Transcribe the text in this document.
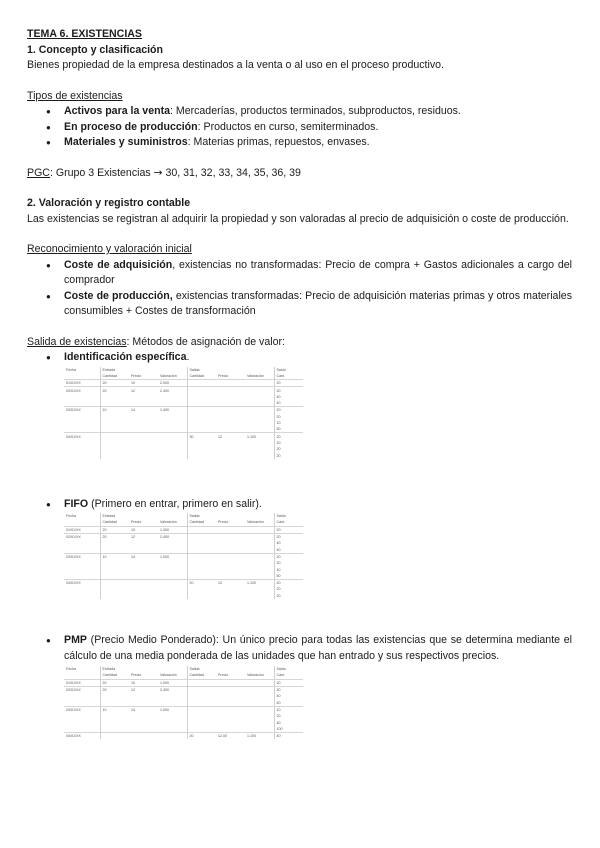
TEMA 6. EXISTENCIAS
1. Concepto y clasificación
Bienes propiedad de la empresa destinados a la venta o al uso en el proceso productivo.
Tipos de existencias
● Activos para la venta: Mercaderías, productos terminados, subproductos, residuos.
● En proceso de producción: Productos en curso, semiterminados.
● Materiales y suministros: Materias primas, repuestos, envases.
PGC: Grupo 3 Existencias → 30, 31, 32, 33, 34, 35, 36, 39
2. Valoración y registro contable
Las existencias se registran al adquirir la propiedad y son valoradas al precio de adquisición o coste de producción.
Reconocimiento y valoración inicial
● Coste de adquisición, existencias no transformadas: Precio de compra + Gastos adicionales a cargo del comprador
● Coste de producción, existencias transformadas: Precio de adquisición materias primas y otros materiales consumibles + Costes de transformación
Salida de existencias: Métodos de asignación de valor:
● Identificación específica.
Fecha	Entrada			Salida			Saldo
	Cantidad	Precio	Valoración	Cantidad	Precio	Valoración	Cant.
01/01/XX	20	10	2.000				20
02/01/XX	20	12	2.400				20
							40
							40
03/01/XX	10	14	1.400				20
							20
							10
							50
04/01/XX				30	12	1.100	20
							20
							20
							20
● FIFO (Primero en entrar, primero en salir).
Fecha	Entrada			Salida			Saldo
	Cantidad	Precio	Valoración	Cantidad	Precio	Valoración	Cant.
01/01/XX	20	10	1.000				20
02/01/XX	20	12	2.400				20
							40
							40
03/01/XX	10	14	1.000				20
							20
							10
							50
04/01/XX				20	12	1.100	20
							20
							20
● PMP (Precio Medio Ponderado): Un único precio para todas las existencias que se determina mediante el cálculo de una media ponderada de las unidades que han entrado y sus respectivos precios.
Fecha	Entrada			Salida			Saldo
	Cantidad	Precio	Valoración	Cantidad	Precio	Valoración	Cant.
01/01/XX	20	10	1.000				20
02/01/XX	20	12	2.400				20
							40
							40
03/01/XX	10	14	1.000				10
							20
							40
							100
04/01/XX				20	12,00	1.100	40
